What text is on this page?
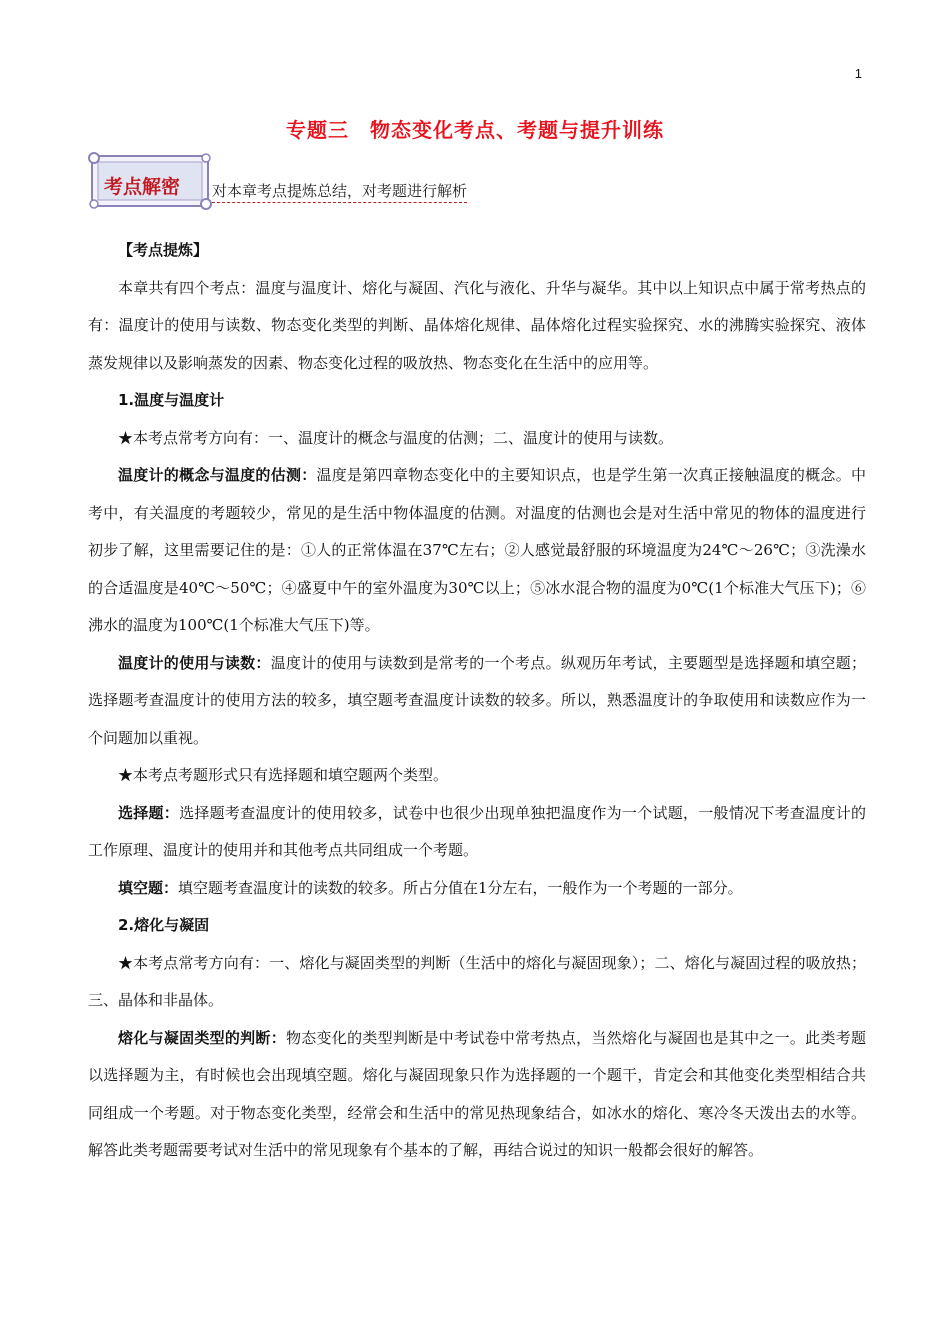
1
专题三　物态变化考点、考题与提升训练
考点解密 对本章考点提炼总结，对考题进行解析

【考点提炼】

本章共有四个考点：温度与温度计、熔化与凝固、汽化与液化、升华与凝华。其中以上知识点中属于常考热点的有：温度计的使用与读数、物态变化类型的判断、晶体熔化规律、晶体熔化过程实验探究、水的沸腾实验探究、液体蒸发规律以及影响蒸发的因素、物态变化过程的吸放热、物态变化在生活中的应用等。

1.温度与温度计

★本考点常考方向有：一、温度计的概念与温度的估测；二、温度计的使用与读数。

温度计的概念与温度的估测：温度是第四章物态变化中的主要知识点，也是学生第一次真正接触温度的概念。中考中，有关温度的考题较少，常见的是生活中物体温度的估测。对温度的估测也会是对生活中常见的物体的温度进行初步了解，这里需要记住的是：①人的正常体温在37℃左右；②人感觉最舒服的环境温度为24℃～26℃；③洗澡水的合适温度是40℃～50℃；④盛夏中午的室外温度为30℃以上；⑤冰水混合物的温度为0℃(1个标准大气压下)；⑥沸水的温度为100℃(1个标准大气压下)等。

温度计的使用与读数：温度计的使用与读数到是常考的一个考点。纵观历年考试，主要题型是选择题和填空题；选择题考查温度计的使用方法的较多，填空题考查温度计读数的较多。所以，熟悉温度计的争取使用和读数应作为一个问题加以重视。

★本考点考题形式只有选择题和填空题两个类型。

选择题：选择题考查温度计的使用较多，试卷中也很少出现单独把温度作为一个试题，一般情况下考查温度计的工作原理、温度计的使用并和其他考点共同组成一个考题。

填空题：填空题考查温度计的读数的较多。所占分值在1分左右，一般作为一个考题的一部分。

2.熔化与凝固

★本考点常考方向有：一、熔化与凝固类型的判断（生活中的熔化与凝固现象）；二、熔化与凝固过程的吸放热；三、晶体和非晶体。

熔化与凝固类型的判断：物态变化的类型判断是中考试卷中常考热点，当然熔化与凝固也是其中之一。此类考题以选择题为主，有时候也会出现填空题。熔化与凝固现象只作为选择题的一个题干，肯定会和其他变化类型相结合共同组成一个考题。对于物态变化类型，经常会和生活中的常见热现象结合，如冰水的熔化、寒冷冬天泼出去的水等。解答此类考题需要考试对生活中的常见现象有个基本的了解，再结合说过的知识一般都会很好的解答。
